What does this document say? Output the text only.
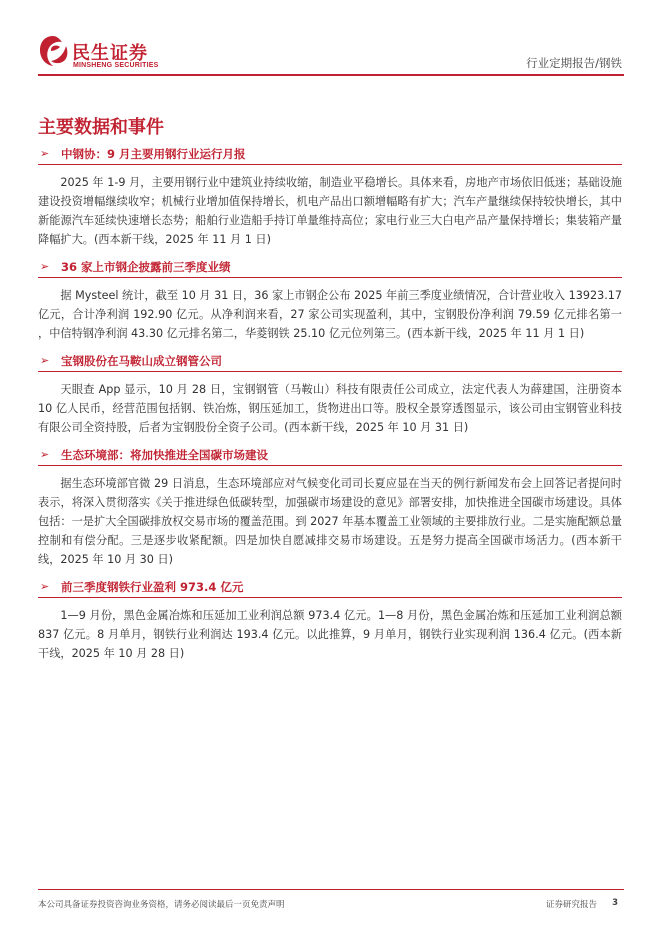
民生证券
MINSHENG SECURITIES	行业定期报告/钢铁
主要数据和事件
➢	中钢协：9 月主要用钢行业运行月报

2025 年 1-9 月，主要用钢行业中建筑业持续收缩，制造业平稳增长。具体来看，房地产市场依旧低迷；基础设施建设投资增幅继续收窄；机械行业增加值保持增长，机电产品出口额增幅略有扩大；汽车产量继续保持较快增长，其中新能源汽车延续快速增长态势；船舶行业造船手持订单量维持高位；家电行业三大白电产品产量保持增长；集装箱产量降幅扩大。(西本新干线，2025 年 11 月 1 日)

➢	36 家上市钢企披露前三季度业绩

据 Mysteel 统计，截至 10 月 31 日，36 家上市钢企公布 2025 年前三季度业绩情况，合计营业收入 13923.17 亿元，合计净利润 192.90 亿元。从净利润来看，27 家公司实现盈利，其中，宝钢股份净利润 79.59 亿元排名第一 ，中信特钢净利润 43.30 亿元排名第二，华菱钢铁 25.10 亿元位列第三。(西本新干线，2025 年 11 月 1 日)

➢	宝钢股份在马鞍山成立钢管公司

天眼查 App 显示，10 月 28 日，宝钢钢管（马鞍山）科技有限责任公司成立，法定代表人为薛建国，注册资本 10 亿人民币，经营范围包括钢、铁冶炼，钢压延加工，货物进出口等。股权全景穿透图显示，该公司由宝钢管业科技有限公司全资持股，后者为宝钢股份全资子公司。(西本新干线，2025 年 10 月 31 日)

➢	生态环境部：将加快推进全国碳市场建设

据生态环境部官微 29 日消息，生态环境部应对气候变化司司长夏应显在当天的例行新闻发布会上回答记者提问时表示，将深入贯彻落实《关于推进绿色低碳转型，加强碳市场建设的意见》部署安排，加快推进全国碳市场建设。具体包括：一是扩大全国碳排放权交易市场的覆盖范围。到 2027 年基本覆盖工业领域的主要排放行业。二是实施配额总量控制和有偿分配。三是逐步收紧配额。四是加快自愿减排交易市场建设。五是努力提高全国碳市场活力。(西本新干线，2025 年 10 月 30 日)

➢	前三季度钢铁行业盈利 973.4 亿元

1—9 月份，黑色金属冶炼和压延加工业利润总额 973.4 亿元。1—8 月份，黑色金属冶炼和压延加工业利润总额 837 亿元。8 月单月，钢铁行业利润达 193.4 亿元。以此推算，9 月单月，钢铁行业实现利润 136.4 亿元。(西本新干线，2025 年 10 月 28 日)

本公司具备证券投资咨询业务资格，请务必阅读最后一页免责声明	证券研究报告 3
